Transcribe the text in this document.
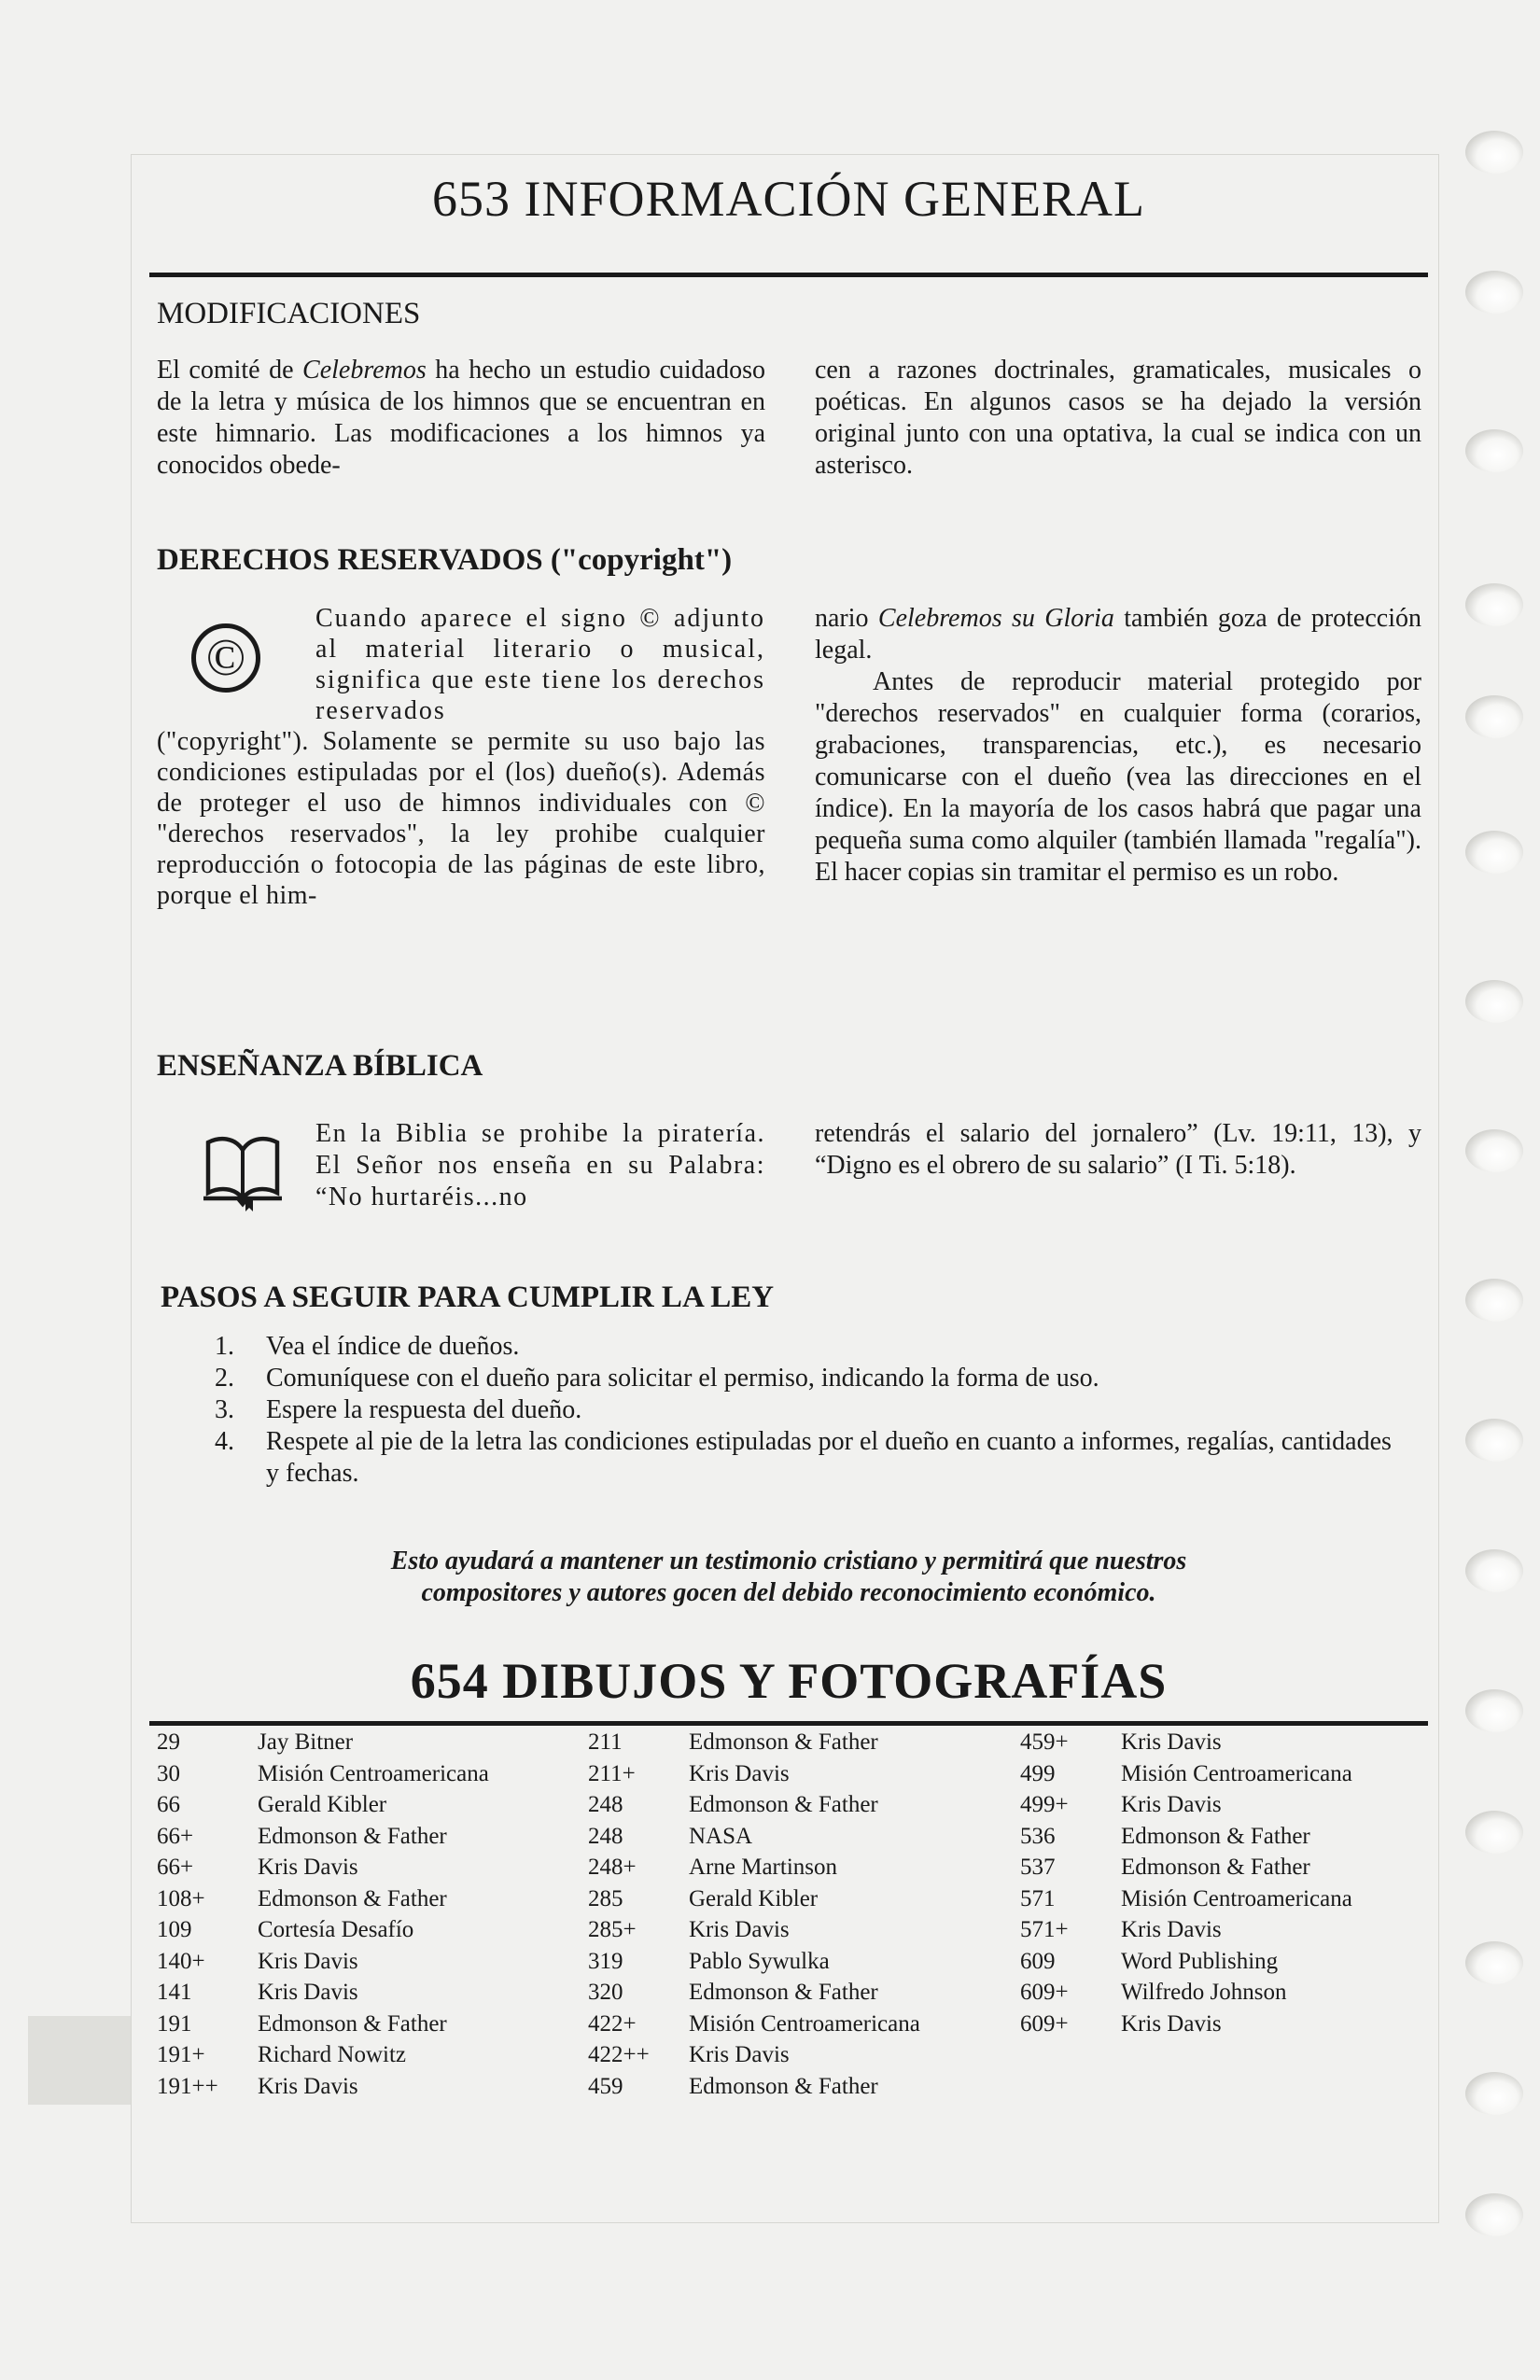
653 INFORMACIÓN GENERAL
MODIFICACIONES

El comité de Celebremos ha hecho un estudio cuidadoso de la letra y música de los himnos que se encuentran en este himnario. Las modificaciones a los himnos ya conocidos obede-

cen a razones doctrinales, gramaticales, musicales o poéticas. En algunos casos se ha dejado la versión original junto con una optativa, la cual se indica con un asterisco.

DERECHOS RESERVADOS ("copyright")
©

Cuando aparece el signo © adjunto al material literario o musical, significa que este tiene los derechos reservados

("copyright"). Solamente se permite su uso bajo las condiciones estipuladas por el (los) dueño(s). Además de proteger el uso de himnos individuales con © "derechos reservados", la ley prohibe cualquier reproducción o fotocopia de las páginas de este libro, porque el him-

nario Celebremos su Gloria también goza de protección legal.

Antes de reproducir material protegido por "derechos reservados" en cualquier forma (corarios, grabaciones, transparencias, etc.), es necesario comunicarse con el dueño (vea las direcciones en el índice). En la mayoría de los casos habrá que pagar una pequeña suma como alquiler (también llamada "regalía"). El hacer copias sin tramitar el permiso es un robo.

ENSEÑANZA BÍBLICA

En la Biblia se prohibe la piratería. El Señor nos enseña en su Palabra: “No hurtaréis...no

retendrás el salario del jornalero” (Lv. 19:11, 13), y “Digno es el obrero de su salario” (I Ti. 5:18).

PASOS A SEGUIR PARA CUMPLIR LA LEY
1. Vea el índice de dueños.
2. Comuníquese con el dueño para solicitar el permiso, indicando la forma de uso.
3. Espere la respuesta del dueño.
4. Respete al pie de la letra las condiciones estipuladas por el dueño en cuanto a informes, regalías, cantidades y fechas.

Esto ayudará a mantener un testimonio cristiano y permitirá que nuestros
compositores y autores gocen del debido reconocimiento económico.

654 DIBUJOS Y FOTOGRAFÍAS
29	Jay Bitner
30	Misión Centroamericana
66	Gerald Kibler
66+	Edmonson & Father
66+	Kris Davis
108+	Edmonson & Father
109	Cortesía Desafío
140+	Kris Davis
141	Kris Davis
191	Edmonson & Father
191+	Richard Nowitz
191++	Kris Davis
211	Edmonson & Father
211+	Kris Davis
248	Edmonson & Father
248	NASA
248+	Arne Martinson
285	Gerald Kibler
285+	Kris Davis
319	Pablo Sywulka
320	Edmonson & Father
422+	Misión Centroamericana
422++	Kris Davis
459	Edmonson & Father
459+	Kris Davis
499	Misión Centroamericana
499+	Kris Davis
536	Edmonson & Father
537	Edmonson & Father
571	Misión Centroamericana
571+	Kris Davis
609	Word Publishing
609+	Wilfredo Johnson
609+	Kris Davis
